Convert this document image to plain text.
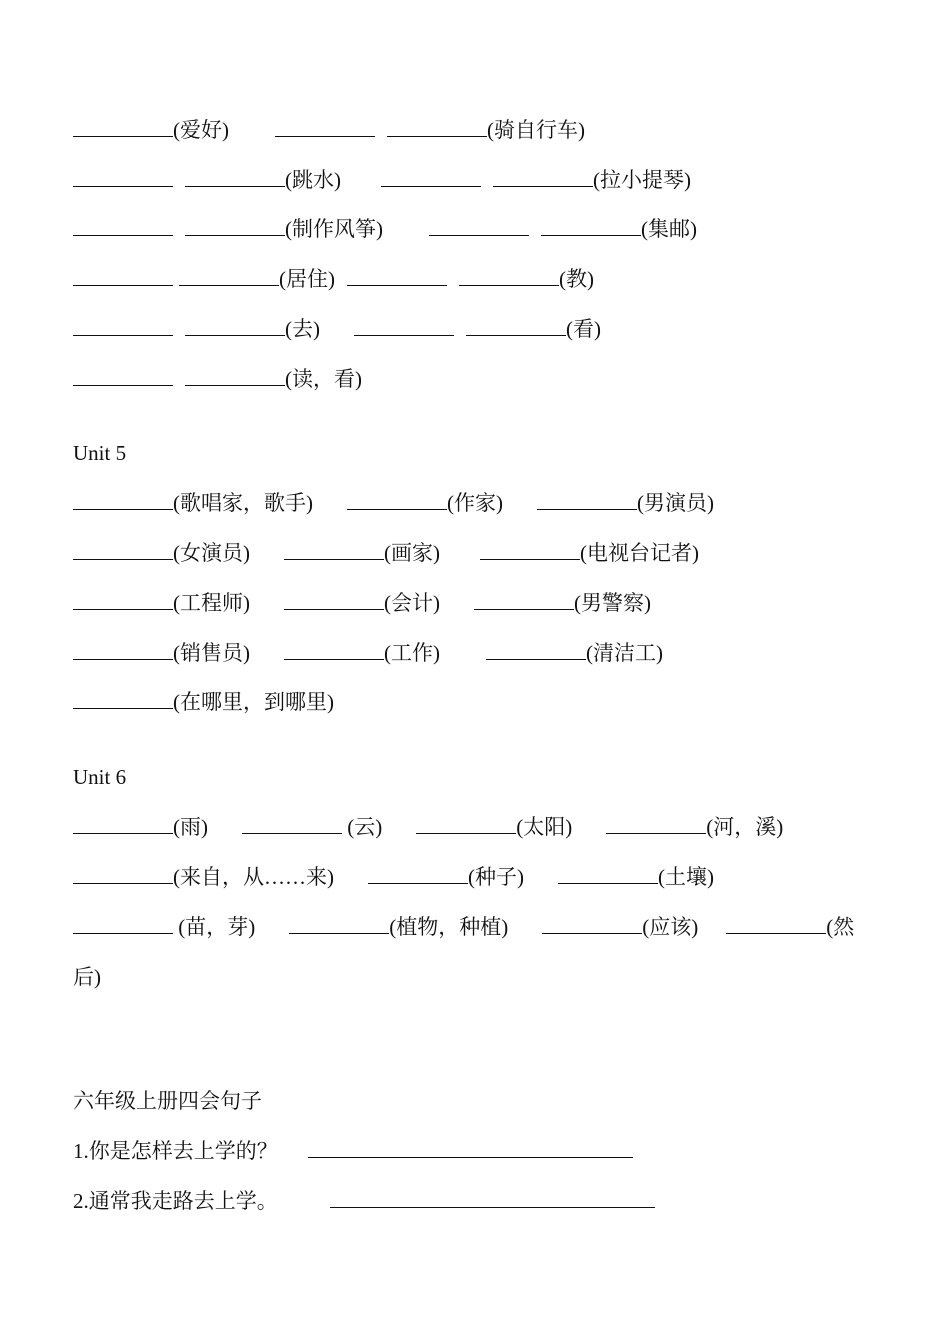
(爱好)	(骑自行车)
(跳水)	(拉小提琴)
(制作风筝)	(集邮)
(居住)	(教)
(去)	(看)
(读，看)
Unit 5
(歌唱家，歌手)	(作家)	(男演员)
(女演员)	(画家)	(电视台记者)
(工程师)	(会计)	(男警察)
(销售员)	(工作)	(清洁工)
(在哪里，到哪里)
Unit 6
(雨)	(云)	(太阳)	(河，溪)
(来自，从……来)	(种子)	(土壤)
(苗，芽)	(植物，种植)	(应该)	(然
后)
六年级上册四会句子
1.你是怎样去上学的？
2.通常我走路去上学。
